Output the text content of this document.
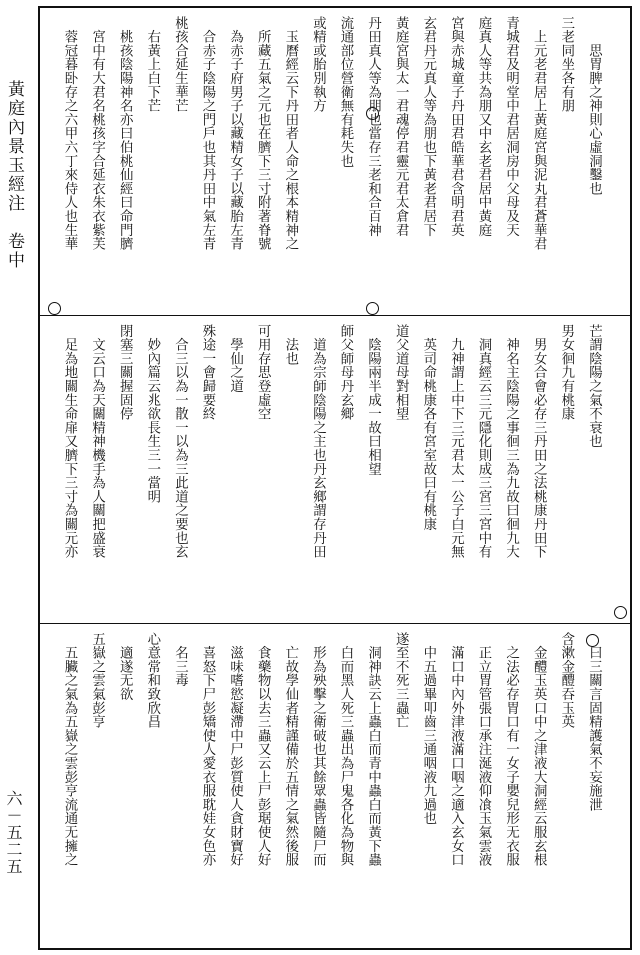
黃庭內景玉經注　卷中
六－五二五
　　思胃脾之神則心虛洞鑿也
三老同坐各有朋
　上元老君居上黃庭宮與泥丸君蒼華君
青城君及明堂中君居洞房中父母及天
庭真人等共為朋又中玄老君居中黃庭
宮與赤城童子丹田君皓華君含明君英
玄君丹元真人等為朋也下黃老君居下
黃庭宮與太一君魂停君靈元君太倉君
丹田真人等為朋也當存三老和合百神
流通部位營衛無有耗失也
或精或胎別執方
　玉曆經云下丹田者人命之根本精神之
　所藏五氣之元也在臍下三寸附著脊號
　為赤子府男子以藏精女子以藏胎左青
　合赤子陰陽之門戶也其丹田中氣左青
桃孩合延生華芒
　右黃上白下芒
　桃孩陰陽神名亦曰伯桃仙經曰命門臍
　宮中有大君名桃孩字合延衣朱衣紫芙
　蓉冠暮卧存之六甲六丁來侍人也生華
芒謂陰陽之氣不衰也
男女徊九有桃康
　男女合會必存三丹田之法桃康丹田下
　神名主陰陽之事徊三為九故曰徊九大
　洞真經云三元隱化則成三宮三宮中有
　九神謂上中下三元君太一公子白元無
　英司命桃康各有宮室故曰有桃康
道父道母對相望
　陰陽兩半成一故曰相望
師父師母丹玄鄉
　道為宗師陰陽之主也丹玄鄉謂存丹田
　法也
可用存思登虛空
　學仙之道
殊途一會歸要終
　合三以為一散一以為三此道之要也玄
　妙內篇云兆欲長生三一當明
閉塞三關握固停
　文云口為天關精神機手為人關把盛衰
　足為地關生命扉又臍下三寸為關元亦
　曰三關言固精護氣不妄施泄
含漱金醴吞玉英
　金醴玉英口中之津液大洞經云服玄根
　之法必存胃口有一女子嬰兒形无衣服
　正立胃管張口承注涎液仰飡玉氣雲液
　滿口中內外津液滿口咽之適入玄女口
　中五過畢叩齒三通咽液九過也
遂至不死三蟲亡
　洞神訣云上蟲白而青中蟲白而黃下蟲
　白而黑人死三蟲出為尸鬼各化為物與
　形為殃擊之衛破也其餘眾蟲皆隨尸而
　亡故學仙者精謹備於五情之氣然後服
　食藥物以去三蟲又云上尸彭琚使人好
　滋味嗜慾凝滯中尸彭質使人貪財寶好
　喜怒下尸彭矯使人愛衣服耽娃女色亦
　名三毒
心意常和致欣昌
　適遂无欲
五嶽之雲氣彭亨
　五臟之氣為五嶽之雲彭亨流通无擁之
